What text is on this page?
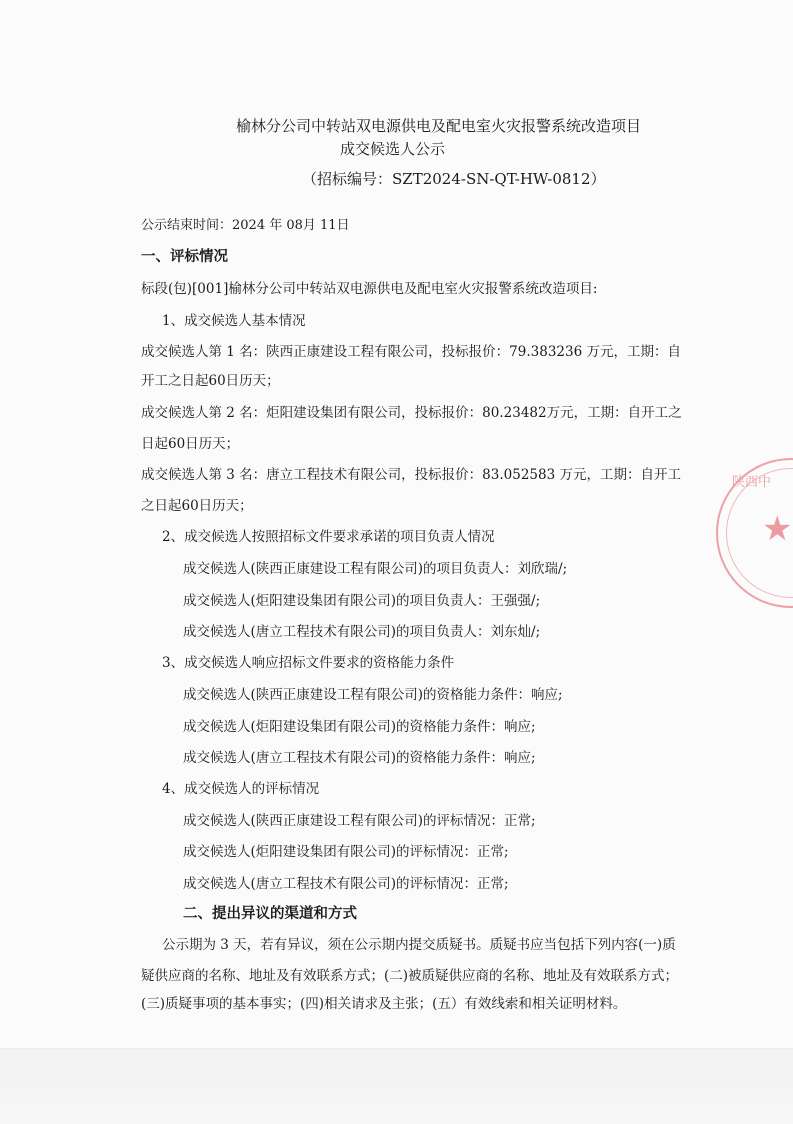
榆林分公司中转站双电源供电及配电室火灾报警系统改造项目
成交候选人公示
（招标编号：SZT2024-SN-QT-HW-0812）
公示结束时间：2024 年 08月 11日
一、评标情况
标段(包)[001]榆林分公司中转站双电源供电及配电室火灾报警系统改造项目:
1、成交候选人基本情况
成交候选人第 1 名：陕西正康建设工程有限公司，投标报价：79.383236 万元，工期：自
开工之日起60日历天；
成交候选人第 2 名：炬阳建设集团有限公司，投标报价：80.23482万元，工期：自开工之
日起60日历天；
成交候选人第 3 名：唐立工程技术有限公司，投标报价：83.052583 万元，工期：自开工
之日起60日历天；
2、成交候选人按照招标文件要求承诺的项目负责人情况
成交候选人(陕西正康建设工程有限公司)的项目负责人：刘欣瑞/;
成交候选人(炬阳建设集团有限公司)的项目负责人：王强强/;
成交候选人(唐立工程技术有限公司)的项目负责人：刘东灿/;
3、成交候选人响应招标文件要求的资格能力条件
成交候选人(陕西正康建设工程有限公司)的资格能力条件：响应;
成交候选人(炬阳建设集团有限公司)的资格能力条件：响应;
成交候选人(唐立工程技术有限公司)的资格能力条件：响应;
4、成交候选人的评标情况
成交候选人(陕西正康建设工程有限公司)的评标情况：正常;
成交候选人(炬阳建设集团有限公司)的评标情况：正常;
成交候选人(唐立工程技术有限公司)的评标情况：正常;
二、提出异议的渠道和方式
公示期为 3 天，若有异议，须在公示期内提交质疑书。质疑书应当包括下列内容(一)质
疑供应商的名称、地址及有效联系方式；(二)被质疑供应商的名称、地址及有效联系方式；
(三)质疑事项的基本事实；(四)相关请求及主张；(五）有效线索和相关证明材料。
陕西中
★
